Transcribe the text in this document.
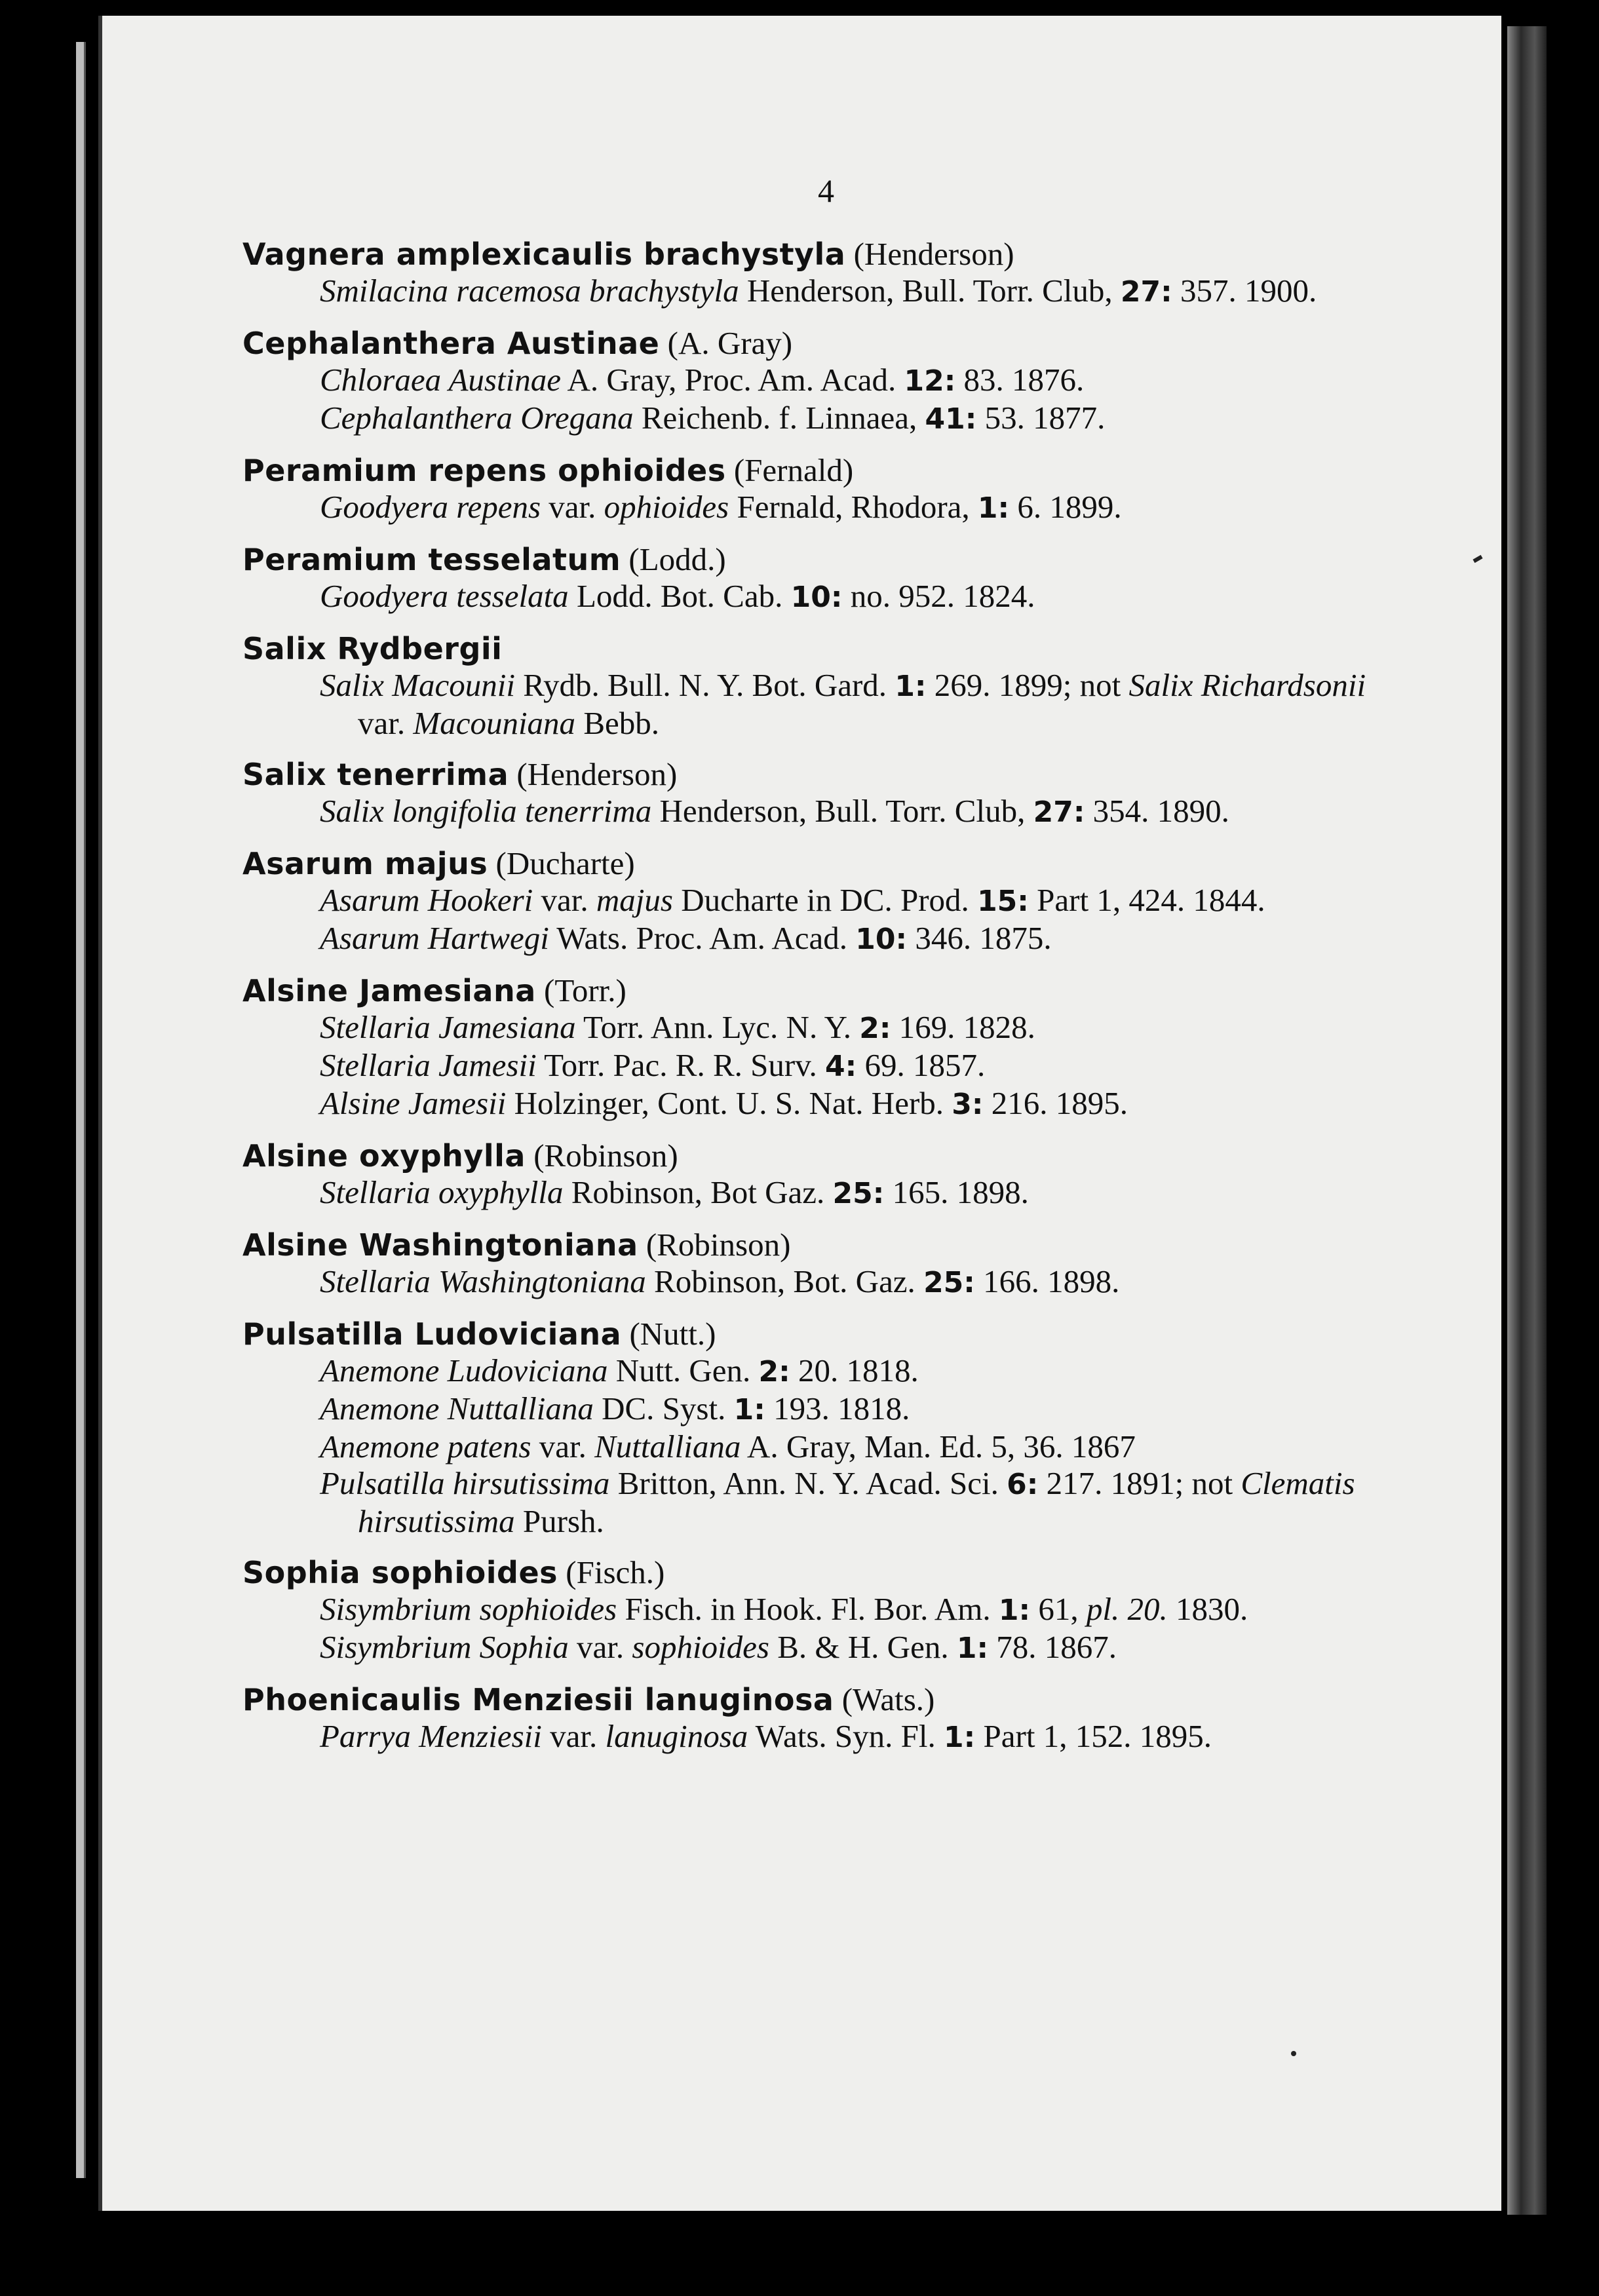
4
Vagnera amplexicaulis brachystyla (Henderson)
Smilacina racemosa brachystyla Henderson, Bull. Torr. Club, 27: 357. 1900.
Cephalanthera Austinae (A. Gray)
Chloraea Austinae A. Gray, Proc. Am. Acad. 12: 83. 1876.
Cephalanthera Oregana Reichenb. f. Linnaea, 41: 53. 1877.
Peramium repens ophioides (Fernald)
Goodyera repens var. ophioides Fernald, Rhodora, 1: 6. 1899.
Peramium tesselatum (Lodd.)
Goodyera tesselata Lodd. Bot. Cab. 10: no. 952. 1824.
Salix Rydbergii
Salix Macounii Rydb. Bull. N. Y. Bot. Gard. 1: 269. 1899; not Salix Richardsonii var. Macouniana Bebb.
Salix tenerrima (Henderson)
Salix longifolia tenerrima Henderson, Bull. Torr. Club, 27: 354. 1890.
Asarum majus (Ducharte)
Asarum Hookeri var. majus Ducharte in DC. Prod. 15: Part 1, 424. 1844.
Asarum Hartwegi Wats. Proc. Am. Acad. 10: 346. 1875.
Alsine Jamesiana (Torr.)
Stellaria Jamesiana Torr. Ann. Lyc. N. Y. 2: 169. 1828.
Stellaria Jamesii Torr. Pac. R. R. Surv. 4: 69. 1857.
Alsine Jamesii Holzinger, Cont. U. S. Nat. Herb. 3: 216. 1895.
Alsine oxyphylla (Robinson)
Stellaria oxyphylla Robinson, Bot Gaz. 25: 165. 1898.
Alsine Washingtoniana (Robinson)
Stellaria Washingtoniana Robinson, Bot. Gaz. 25: 166. 1898.
Pulsatilla Ludoviciana (Nutt.)
Anemone Ludoviciana Nutt. Gen. 2: 20. 1818.
Anemone Nuttalliana DC. Syst. 1: 193. 1818.
Anemone patens var. Nuttalliana A. Gray, Man. Ed. 5, 36. 1867
Pulsatilla hirsutissima Britton, Ann. N. Y. Acad. Sci. 6: 217. 1891; not Clematis hirsutissima Pursh.
Sophia sophioides (Fisch.)
Sisymbrium sophioides Fisch. in Hook. Fl. Bor. Am. 1: 61, pl. 20. 1830.
Sisymbrium Sophia var. sophioides B. & H. Gen. 1: 78. 1867.
Phoenicaulis Menziesii lanuginosa (Wats.)
Parrya Menziesii var. lanuginosa Wats. Syn. Fl. 1: Part 1, 152. 1895.
